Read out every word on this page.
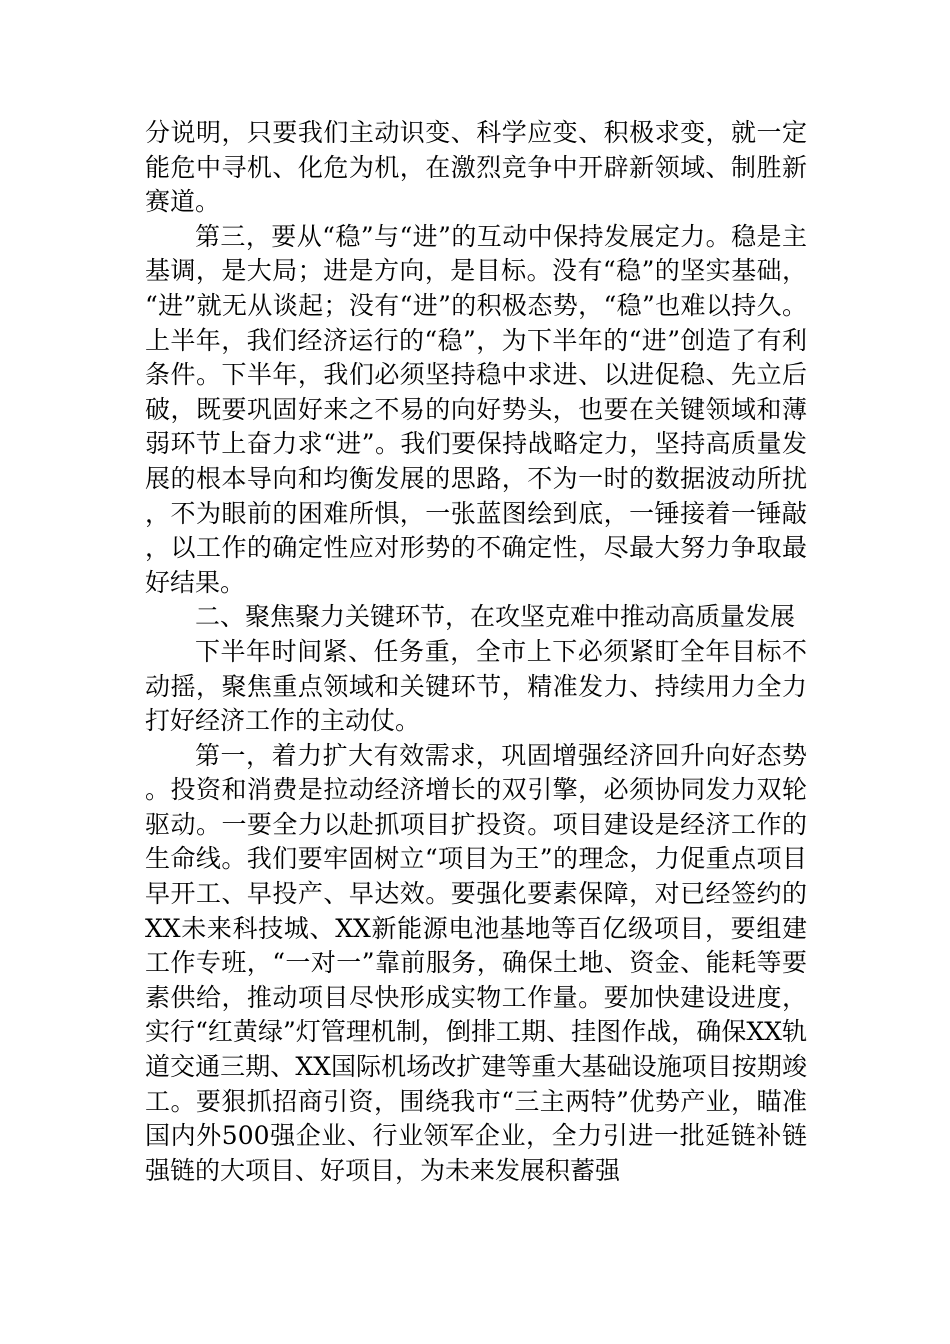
分说明，只要我们主动识变、科学应变、积极求变，就一定能危中寻机、化危为机，在激烈竞争中开辟新领域、制胜新赛道。

第三，要从“稳”与“进”的互动中保持发展定力。稳是主基调，是大局；进是方向，是目标。没有“稳”的坚实基础，“进”就无从谈起；没有“进”的积极态势，“稳”也难以持久。上半年，我们经济运行的“稳”，为下半年的“进”创造了有利条件。下半年，我们必须坚持稳中求进、以进促稳、先立后破，既要巩固好来之不易的向好势头，也要在关键领域和薄弱环节上奋力求“进”。我们要保持战略定力，坚持高质量发展的根本导向和均衡发展的思路，不为一时的数据波动所扰，不为眼前的困难所惧，一张蓝图绘到底，一锤接着一锤敲，以工作的确定性应对形势的不确定性，尽最大努力争取最好结果。

二、聚焦聚力关键环节，在攻坚克难中推动高质量发展

下半年时间紧、任务重，全市上下必须紧盯全年目标不动摇，聚焦重点领域和关键环节，精准发力、持续用力全力打好经济工作的主动仗。

第一，着力扩大有效需求，巩固增强经济回升向好态势。投资和消费是拉动经济增长的双引擎，必须协同发力双轮驱动。一要全力以赴抓项目扩投资。项目建设是经济工作的生命线。我们要牢固树立“项目为王”的理念，力促重点项目早开工、早投产、早达效。要强化要素保障，对已经签约的XX未来科技城、XX新能源电池基地等百亿级项目，要组建工作专班，“一对一”靠前服务，确保土地、资金、能耗等要素供给，推动项目尽快形成实物工作量。要加快建设进度，实行“红黄绿”灯管理机制，倒排工期、挂图作战，确保XX轨道交通三期、XX国际机场改扩建等重大基础设施项目按期竣工。要狠抓招商引资，围绕我市“三主两特”优势产业，瞄准国内外500强企业、行业领军企业，全力引进一批延链补链强链的大项目、好项目，为未来发展积蓄强
